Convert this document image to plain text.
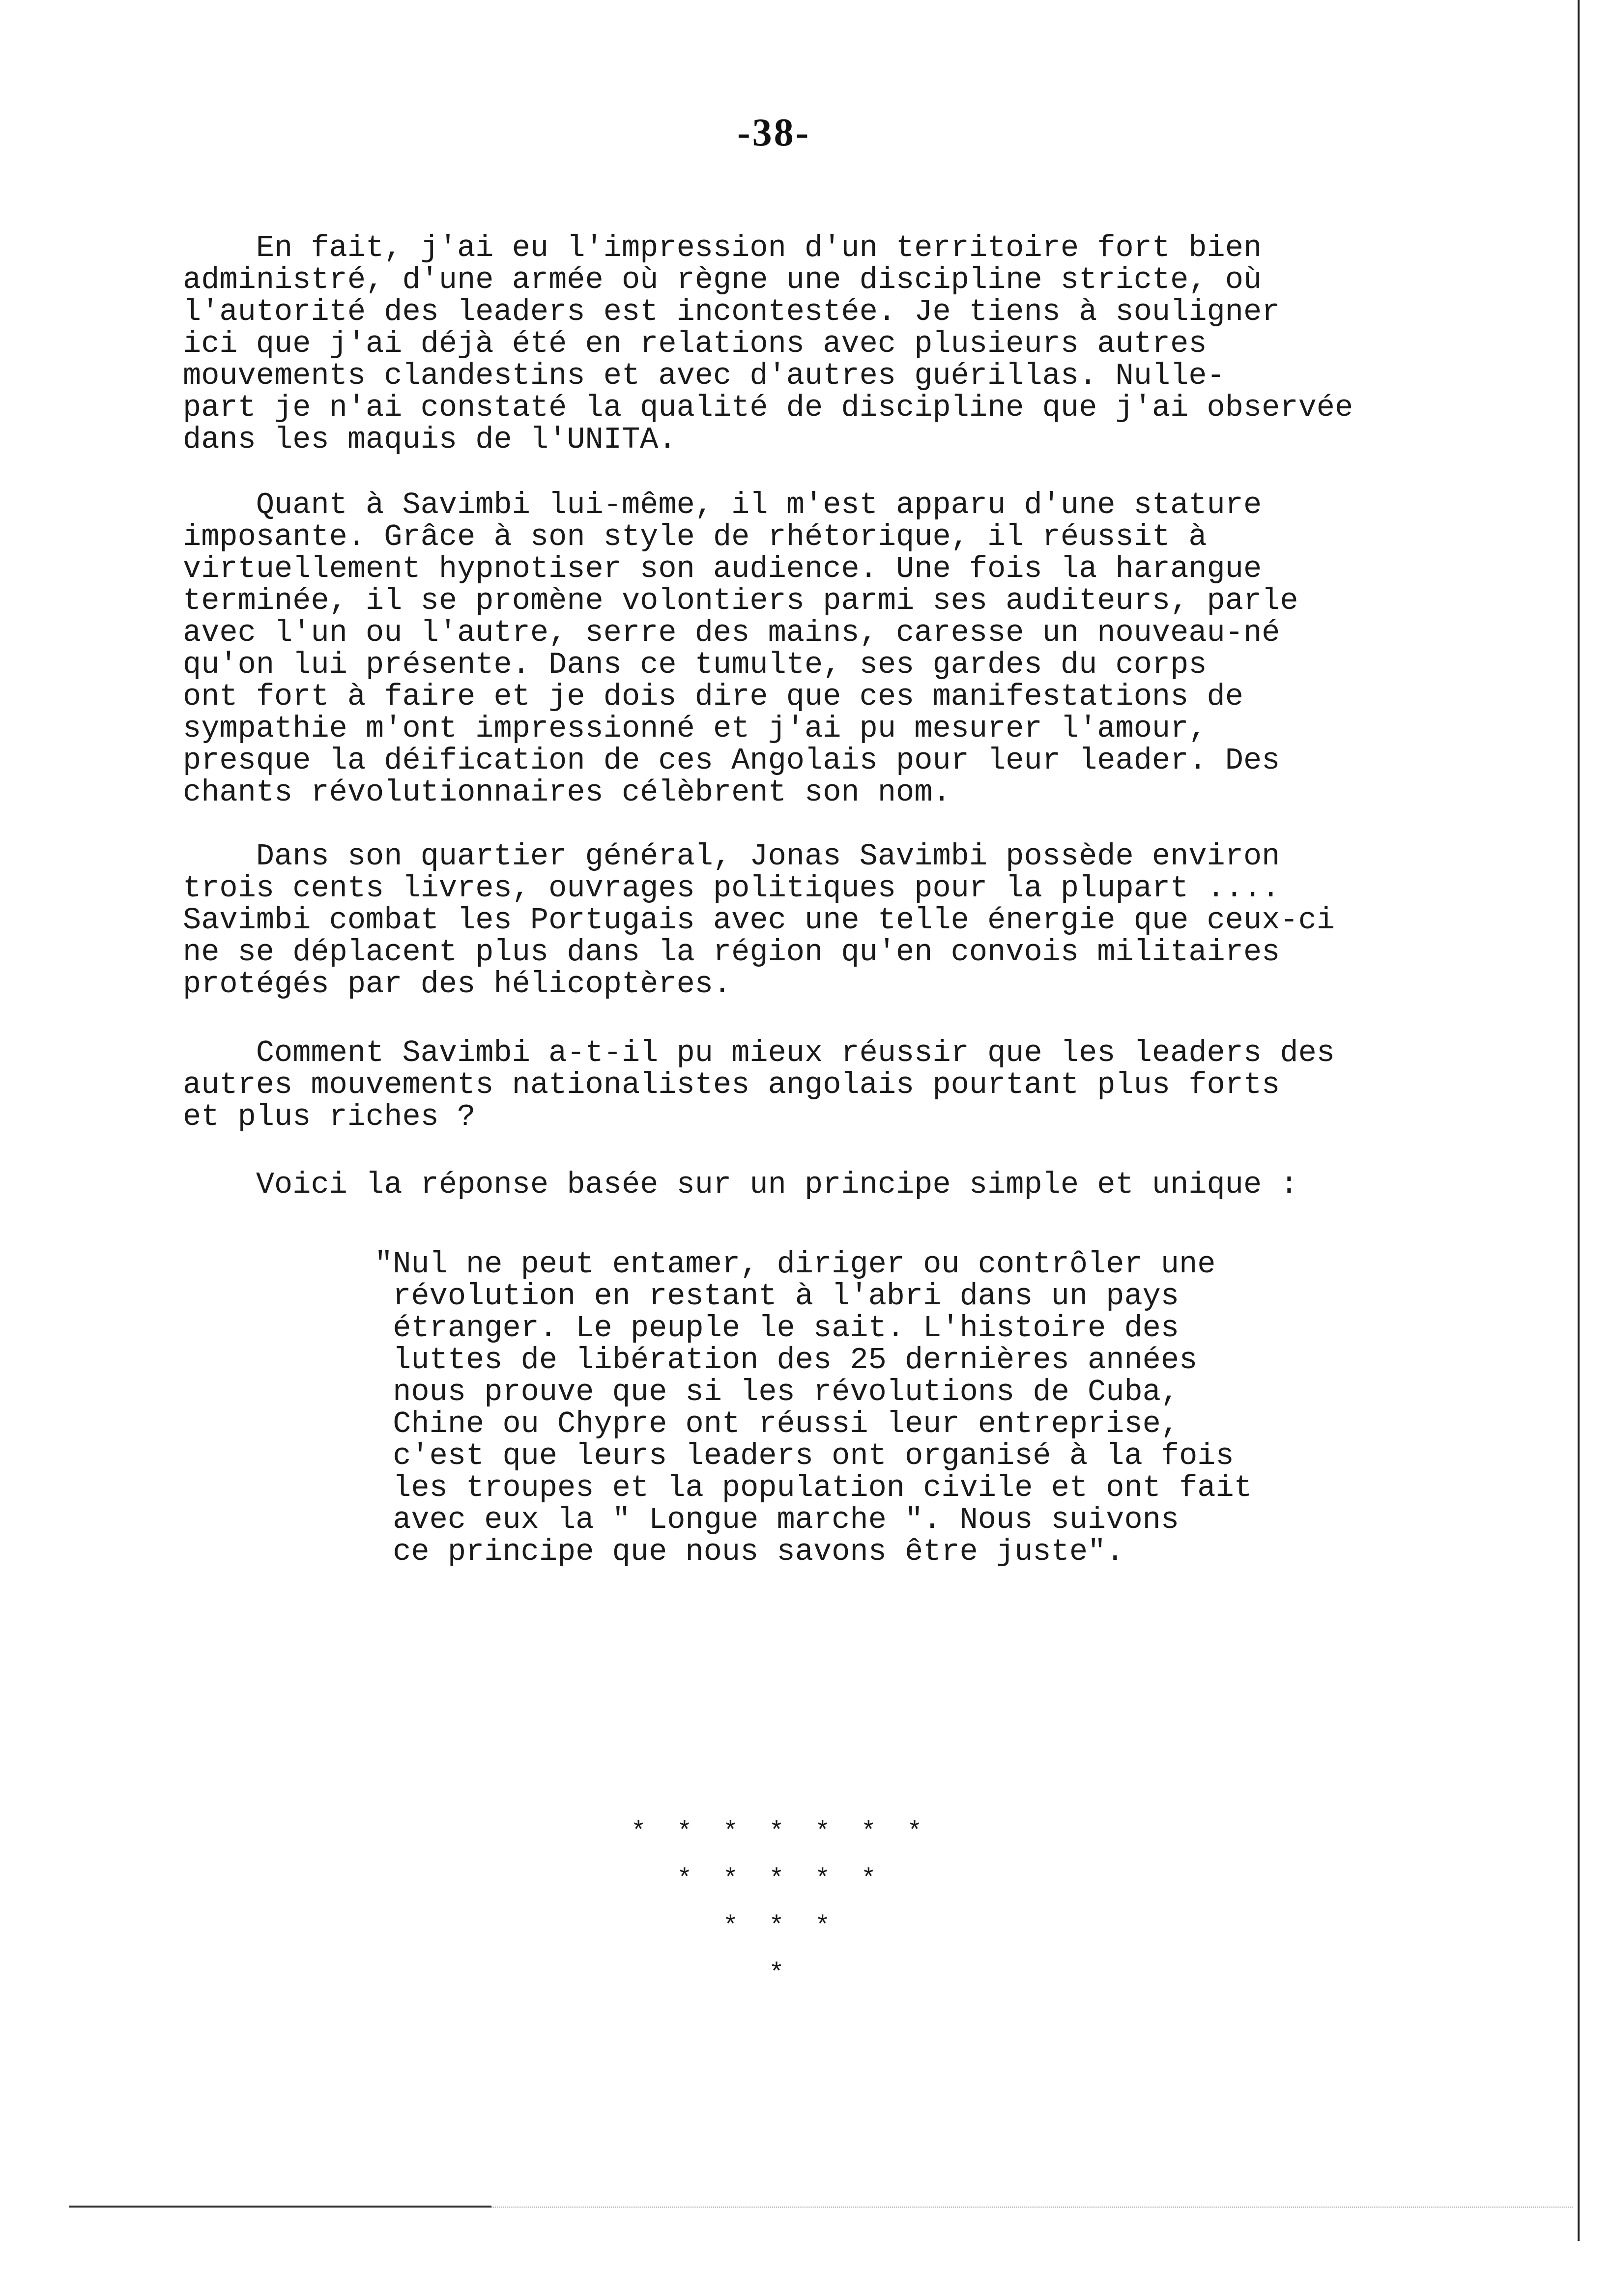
-38-

En fait, j'ai eu l'impression d'un territoire fort bien
administré, d'une armée où règne une discipline stricte, où
l'autorité des leaders est incontestée. Je tiens à souligner
ici que j'ai déjà été en relations avec plusieurs autres
mouvements clandestins et avec d'autres guérillas. Nulle-
part je n'ai constaté la qualité de discipline que j'ai observée
dans les maquis de l'UNITA.

Quant à Savimbi lui-même, il m'est apparu d'une stature
imposante. Grâce à son style de rhétorique, il réussit à
virtuellement hypnotiser son audience. Une fois la harangue
terminée, il se promène volontiers parmi ses auditeurs, parle
avec l'un ou l'autre, serre des mains, caresse un nouveau-né
qu'on lui présente. Dans ce tumulte, ses gardes du corps
ont fort à faire et je dois dire que ces manifestations de
sympathie m'ont impressionné et j'ai pu mesurer l'amour,
presque la déification de ces Angolais pour leur leader. Des
chants révolutionnaires célèbrent son nom.

Dans son quartier général, Jonas Savimbi possède environ
trois cents livres, ouvrages politiques pour la plupart ....
Savimbi combat les Portugais avec une telle énergie que ceux-ci
ne se déplacent plus dans la région qu'en convois militaires
protégés par des hélicoptères.

Comment Savimbi a-t-il pu mieux réussir que les leaders des
autres mouvements nationalistes angolais pourtant plus forts
et plus riches ?

Voici la réponse basée sur un principe simple et unique :

"Nul ne peut entamer, diriger ou contrôler une
révolution en restant à l'abri dans un pays
étranger. Le peuple le sait. L'histoire des
luttes de libération des 25 dernières années
nous prouve que si les révolutions de Cuba,
Chine ou Chypre ont réussi leur entreprise,
c'est que leurs leaders ont organisé à la fois
les troupes et la population civile et ont fait
avec eux la " Longue marche ". Nous suivons
ce principe que nous savons être juste".

*  *  *  *  *  *  *
*  *  *  *  *
*  *  *
*
